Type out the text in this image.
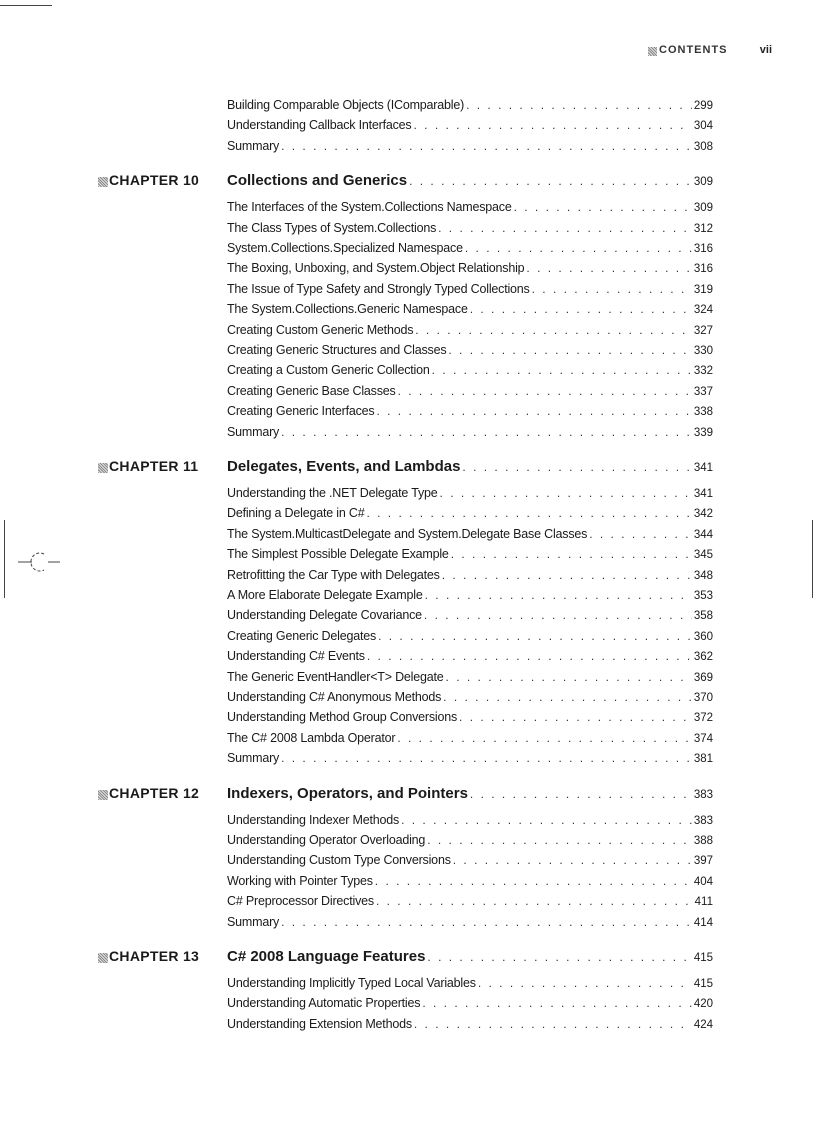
CONTENTS	vii
Building Comparable Objects (IComparable) . . .	299
Understanding Callback Interfaces . . .	304
Summary . . .	308
CHAPTER 10 Collections and Generics . . .	309
The Interfaces of the System.Collections Namespace . . .	309
The Class Types of System.Collections . . .	312
System.Collections.Specialized Namespace . . .	316
The Boxing, Unboxing, and System.Object Relationship . . .	316
The Issue of Type Safety and Strongly Typed Collections . . .	319
The System.Collections.Generic Namespace . . .	324
Creating Custom Generic Methods . . .	327
Creating Generic Structures and Classes . . .	330
Creating a Custom Generic Collection . . .	332
Creating Generic Base Classes . . .	337
Creating Generic Interfaces . . .	338
Summary . . .	339
CHAPTER 11 Delegates, Events, and Lambdas . . .	341
Understanding the .NET Delegate Type . . .	341
Defining a Delegate in C# . . .	342
The System.MulticastDelegate and System.Delegate Base Classes . . .	344
The Simplest Possible Delegate Example . . .	345
Retrofitting the Car Type with Delegates . . .	348
A More Elaborate Delegate Example . . .	353
Understanding Delegate Covariance . . .	358
Creating Generic Delegates . . .	360
Understanding C# Events . . .	362
The Generic EventHandler<T> Delegate . . .	369
Understanding C# Anonymous Methods . . .	370
Understanding Method Group Conversions . . .	372
The C# 2008 Lambda Operator . . .	374
Summary . . .	381
CHAPTER 12 Indexers, Operators, and Pointers . . .	383
Understanding Indexer Methods . . .	383
Understanding Operator Overloading . . .	388
Understanding Custom Type Conversions . . .	397
Working with Pointer Types . . .	404
C# Preprocessor Directives . . .	411
Summary . . .	414
CHAPTER 13 C# 2008 Language Features . . .	415
Understanding Implicitly Typed Local Variables . . .	415
Understanding Automatic Properties . . .	420
Understanding Extension Methods . . .	424
